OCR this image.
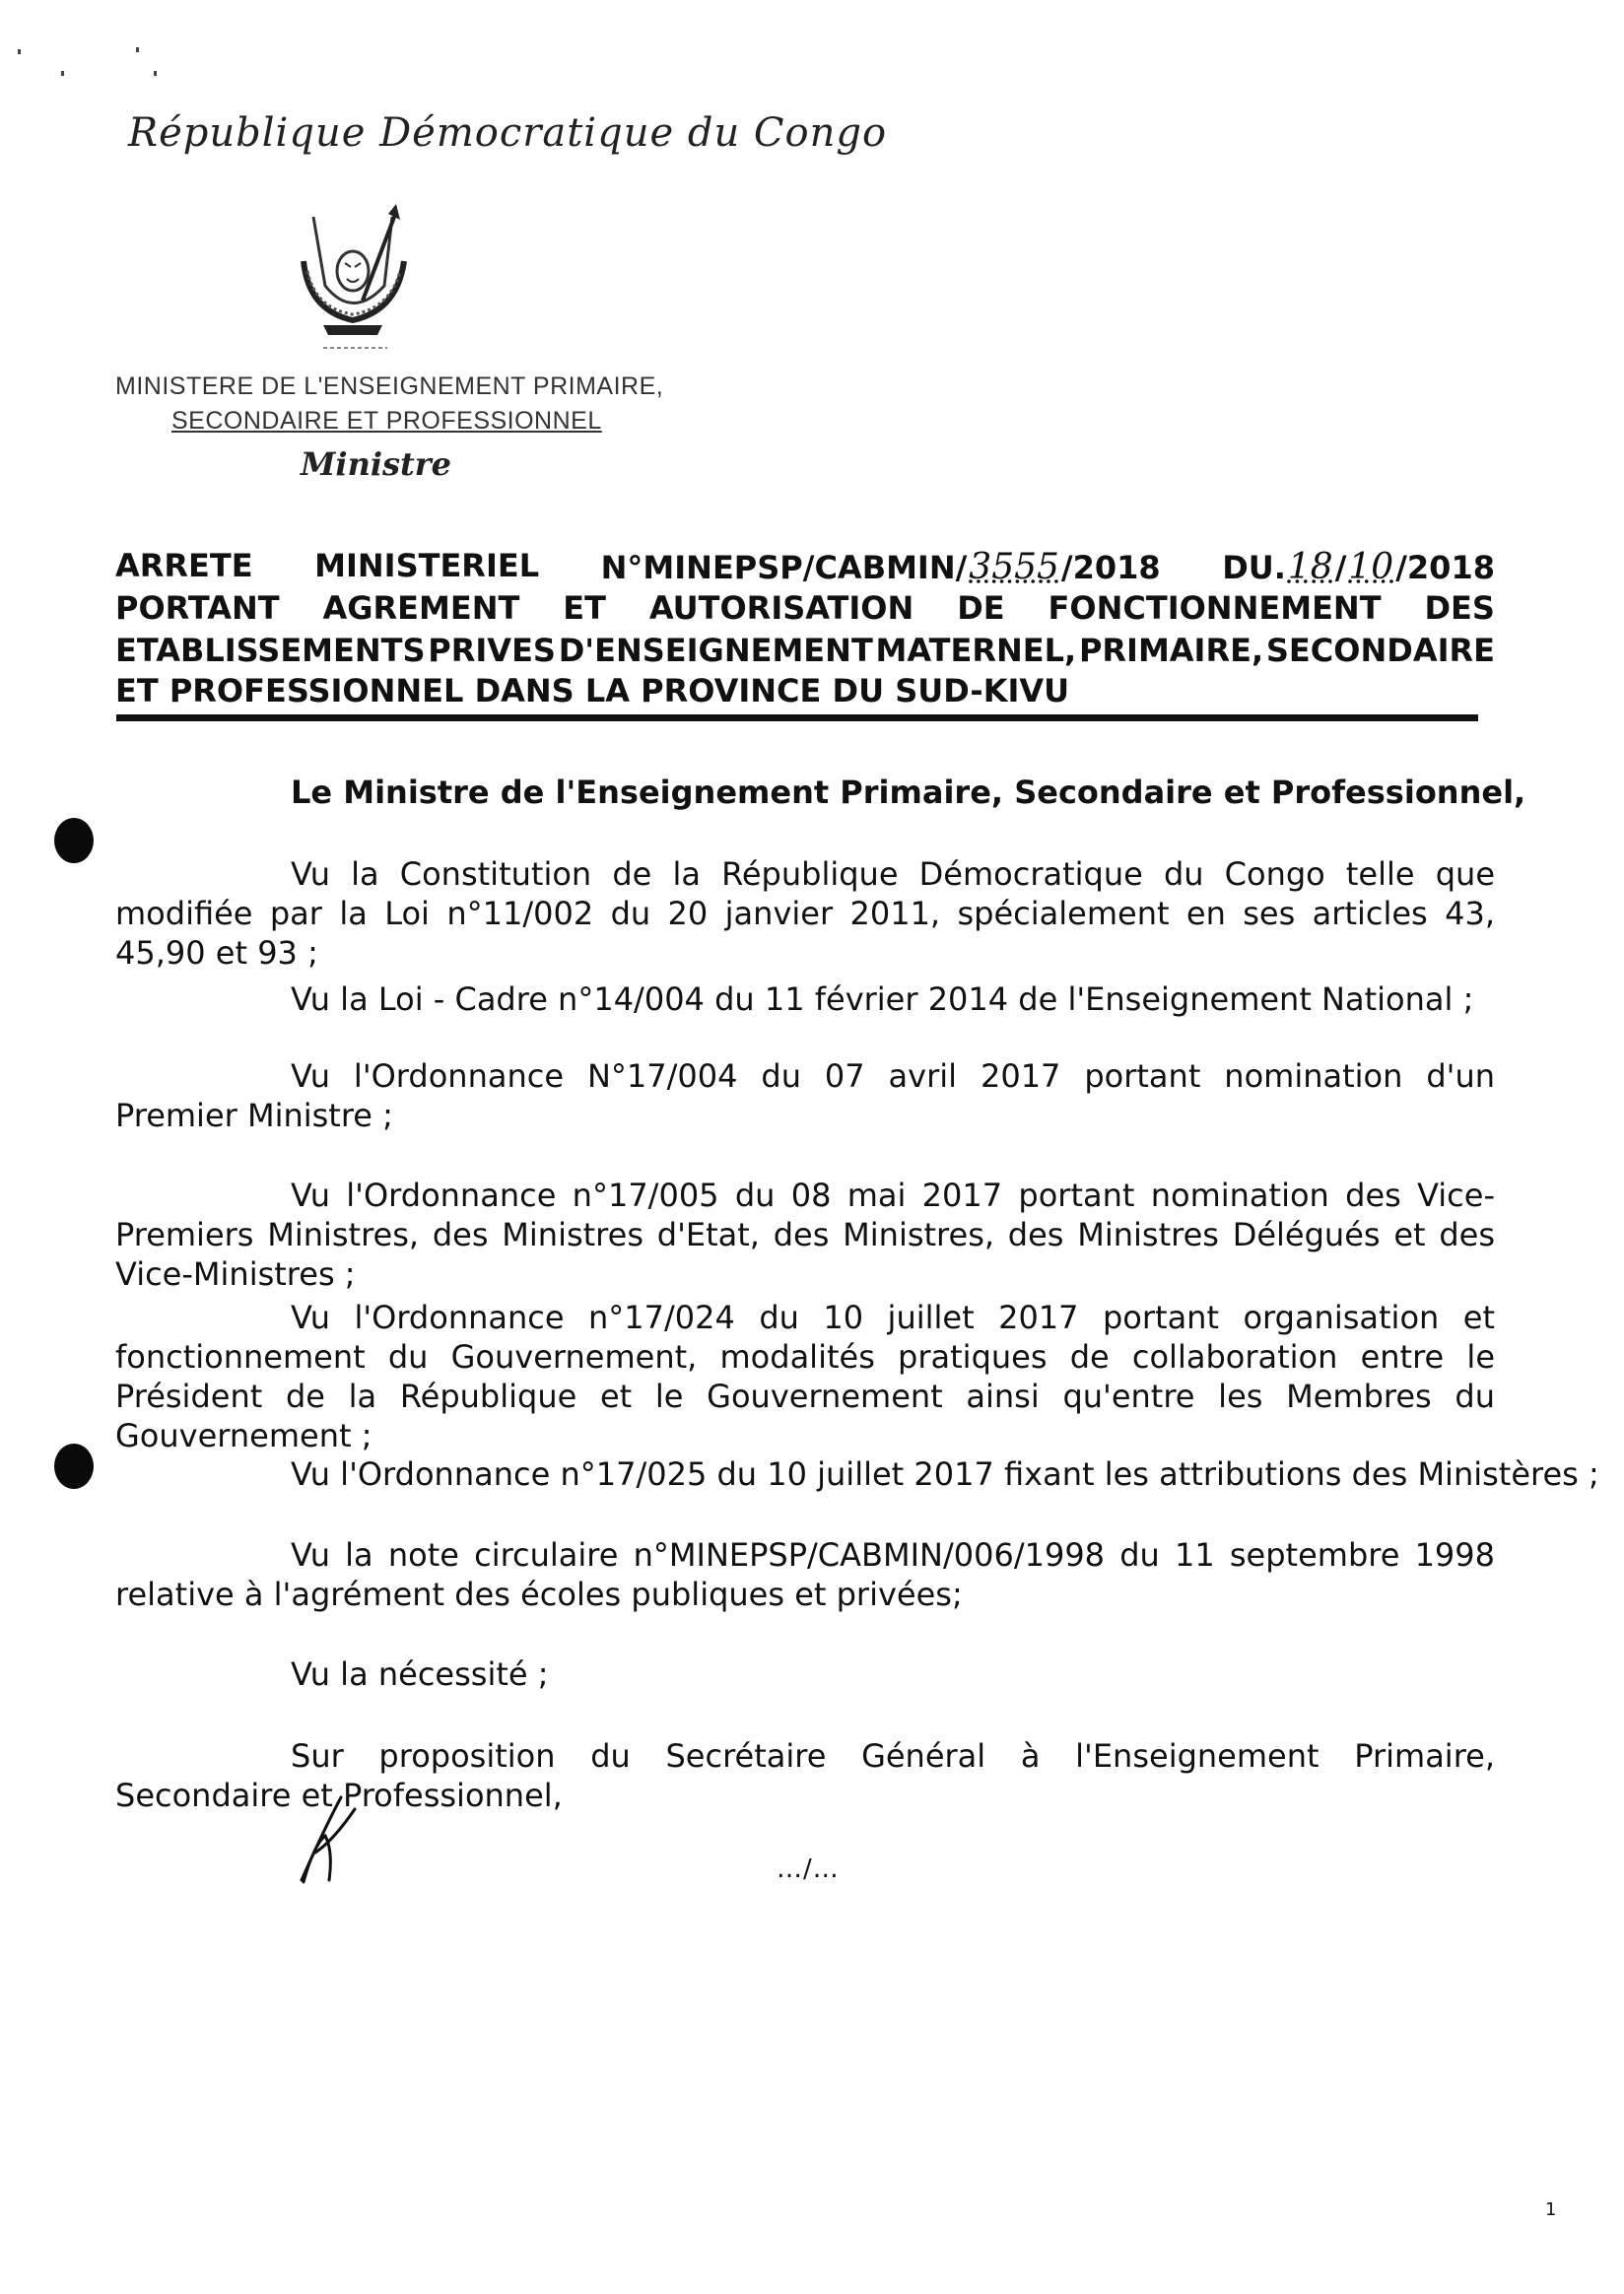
République Démocratique du Congo
MINISTERE DE L'ENSEIGNEMENT PRIMAIRE,
SECONDAIRE ET PROFESSIONNEL
Ministre
ARRETE MINISTERIEL N°MINEPSP/CABMIN/3555/2018 DU.18/10/2018
PORTANT AGREMENT ET AUTORISATION DE FONCTIONNEMENT DES
ETABLISSEMENTS PRIVES D'ENSEIGNEMENT MATERNEL, PRIMAIRE, SECONDAIRE
ET PROFESSIONNEL DANS LA PROVINCE DU SUD-KIVU
Le Ministre de l'Enseignement Primaire, Secondaire et Professionnel,

Vu la Constitution de la République Démocratique du Congo telle que modifiée par la Loi n°11/002 du 20 janvier 2011, spécialement en ses articles 43, 45,90 et 93 ;

Vu la Loi - Cadre n°14/004 du 11 février 2014 de l'Enseignement National ;

Vu l'Ordonnance N°17/004 du 07 avril 2017 portant nomination d'un Premier Ministre ;

Vu l'Ordonnance n°17/005 du 08 mai 2017 portant nomination des Vice-Premiers Ministres, des Ministres d'Etat, des Ministres, des Ministres Délégués et des Vice-Ministres ;

Vu l'Ordonnance n°17/024 du 10 juillet 2017 portant organisation et fonctionnement du Gouvernement, modalités pratiques de collaboration entre le Président de la République et le Gouvernement ainsi qu'entre les Membres du Gouvernement ;

Vu l'Ordonnance n°17/025 du 10 juillet 2017 fixant les attributions des Ministères ;

Vu la note circulaire n°MINEPSP/CABMIN/006/1998 du 11 septembre 1998 relative à l'agrément des écoles publiques et privées;

Vu la nécessité ;

Sur proposition du Secrétaire Général à l'Enseignement Primaire, Secondaire et Professionnel,

…/…
1
